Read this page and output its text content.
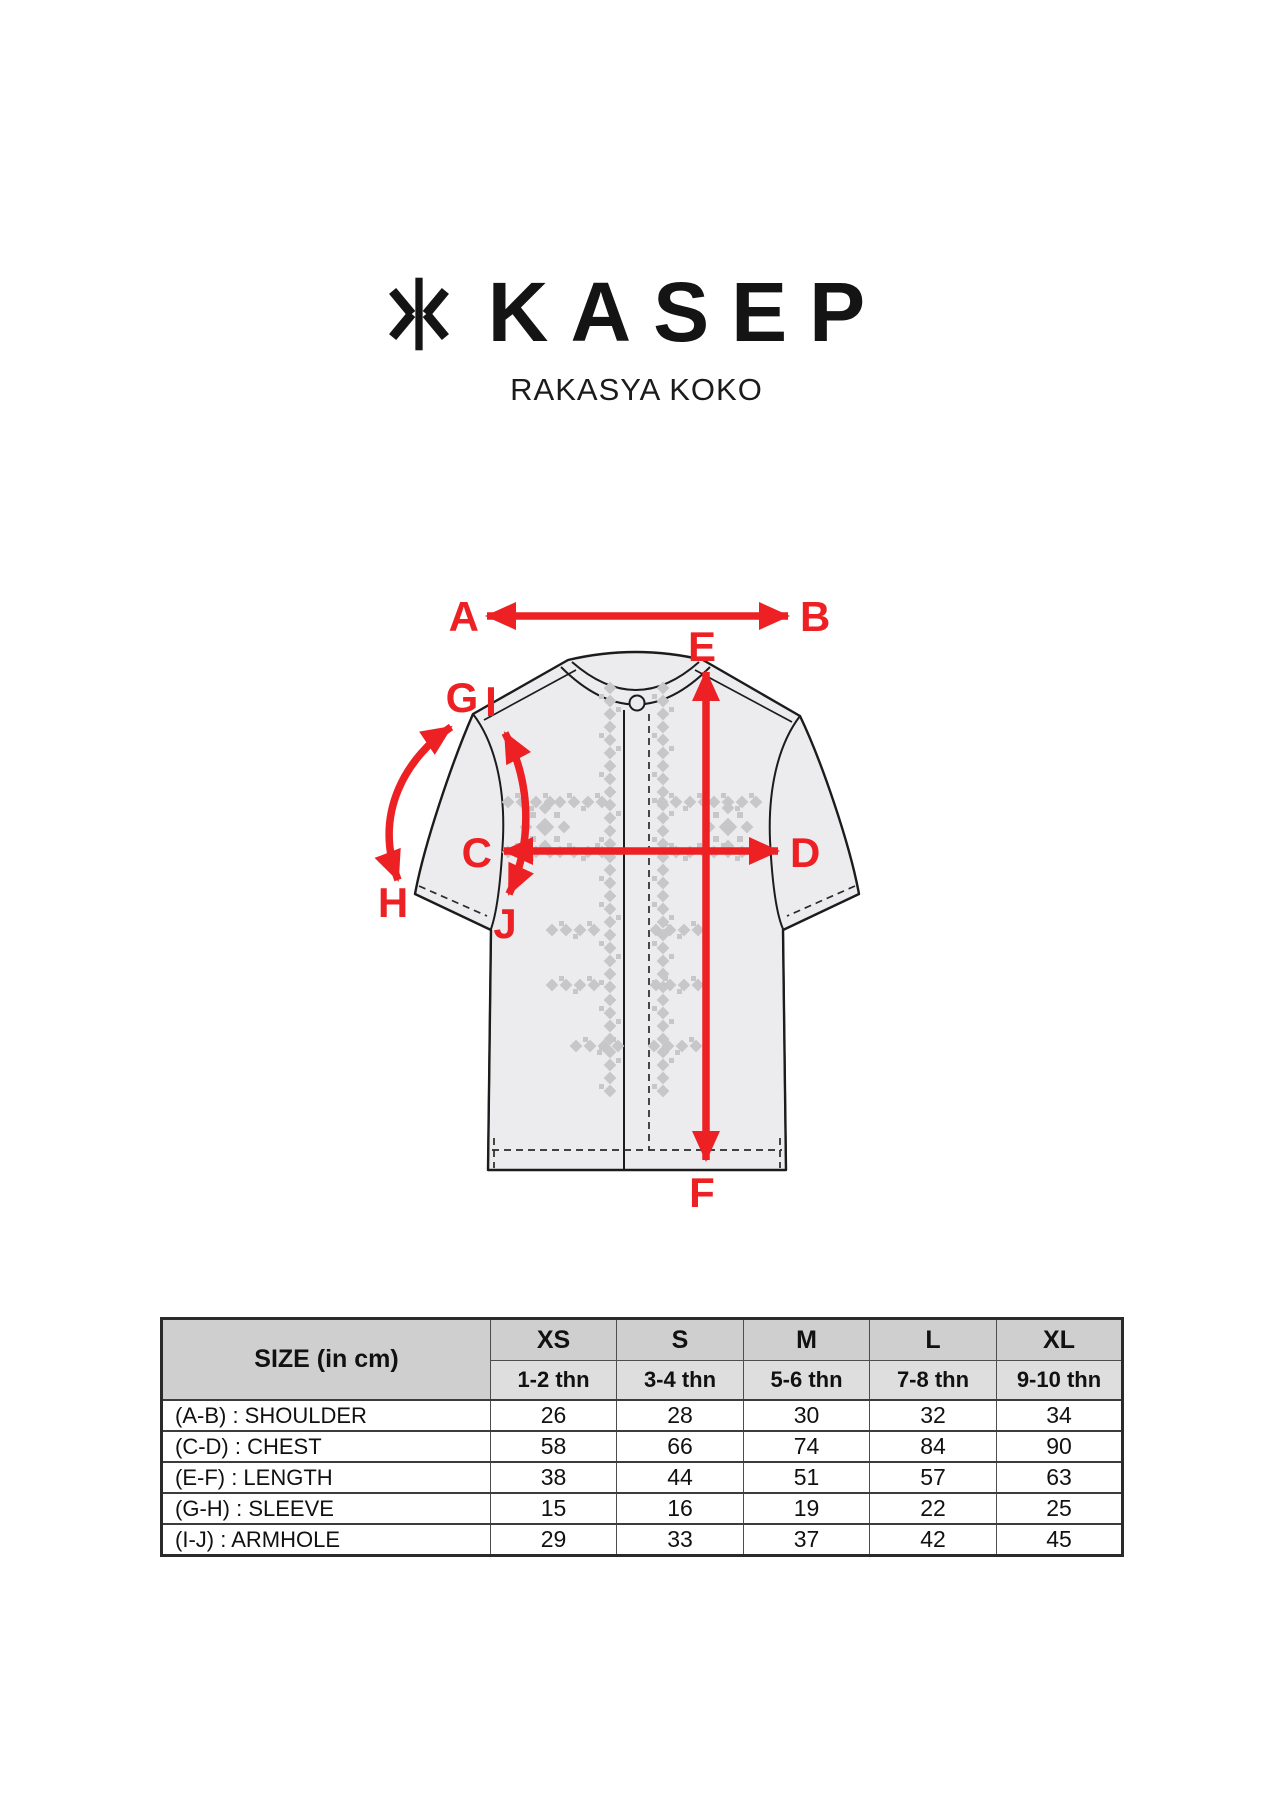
KASEP
RAKASYA KOKO
A	B
C	D
E
F
G
H
I
J
SIZE (in cm)	XS	S	M	L	XL
	1-2 thn	3-4 thn	5-6 thn	7-8 thn	9-10 thn
(A-B) : SHOULDER	26	28	30	32	34
(C-D) : CHEST	58	66	74	84	90
(E-F) : LENGTH	38	44	51	57	63
(G-H) : SLEEVE	15	16	19	22	25
(I-J) : ARMHOLE	29	33	37	42	45
